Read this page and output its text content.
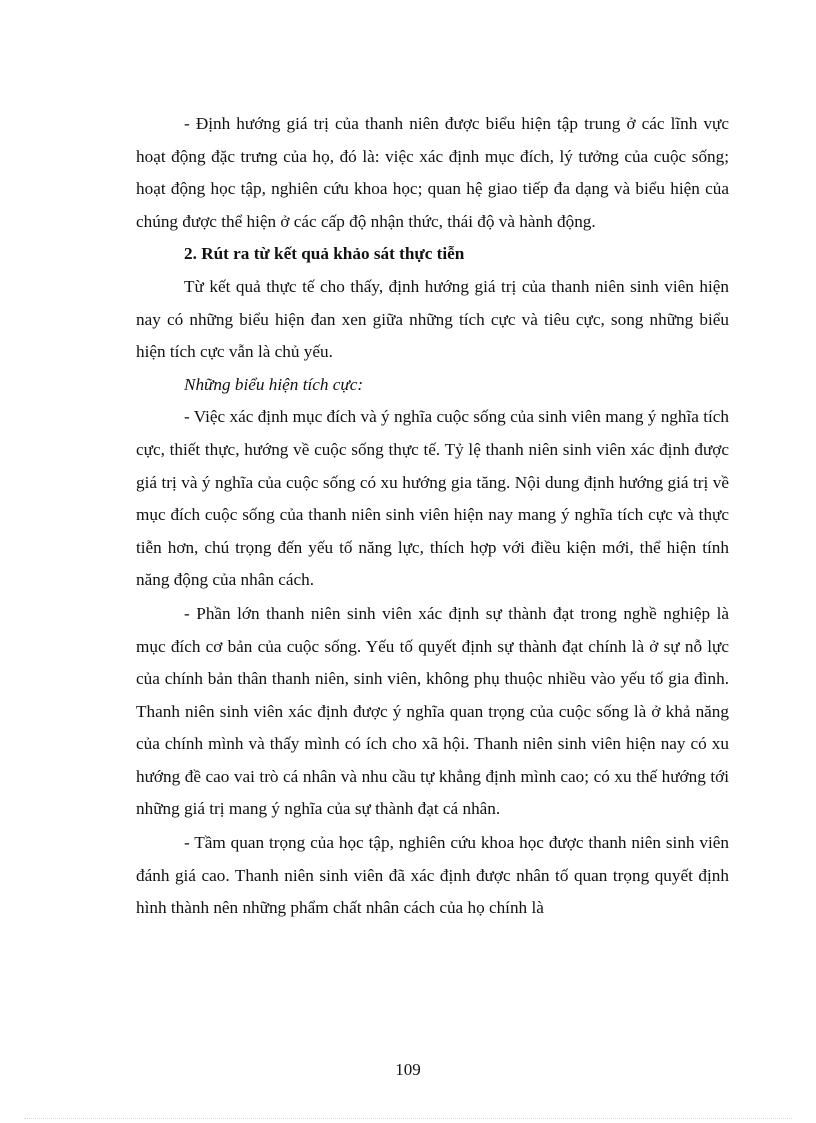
- Định hướng giá trị của thanh niên được biểu hiện tập trung ở các lĩnh vực hoạt động đặc trưng của họ, đó là: việc xác định mục đích, lý tưởng của cuộc sống; hoạt động học tập, nghiên cứu khoa học; quan hệ giao tiếp đa dạng và biểu hiện của chúng được thể hiện ở các cấp độ nhận thức, thái độ và hành động.

2. Rút ra từ kết quả khảo sát thực tiễn

Từ kết quả thực tế cho thấy, định hướng giá trị của thanh niên sinh viên hiện nay có những biểu hiện đan xen giữa những tích cực và tiêu cực, song những biểu hiện tích cực vẫn là chủ yếu.

Những biểu hiện tích cực:

- Việc xác định mục đích và ý nghĩa cuộc sống của sinh viên mang ý nghĩa tích cực, thiết thực, hướng về cuộc sống thực tế. Tỷ lệ thanh niên sinh viên xác định được giá trị và ý nghĩa của cuộc sống có xu hướng gia tăng. Nội dung định hướng giá trị về mục đích cuộc sống của thanh niên sinh viên hiện nay mang ý nghĩa tích cực và thực tiễn hơn, chú trọng đến yếu tố năng lực, thích hợp với điều kiện mới, thể hiện tính năng động của nhân cách.

- Phần lớn thanh niên sinh viên xác định sự thành đạt trong nghề nghiệp là mục đích cơ bản của cuộc sống. Yếu tố quyết định sự thành đạt chính là ở sự nỗ lực của chính bản thân thanh niên, sinh viên, không phụ thuộc nhiều vào yếu tố gia đình. Thanh niên sinh viên xác định được ý nghĩa quan trọng của cuộc sống là ở khả năng của chính mình và thấy mình có ích cho xã hội. Thanh niên sinh viên hiện nay có xu hướng đề cao vai trò cá nhân và nhu cầu tự khẳng định mình cao; có xu thế hướng tới những giá trị mang ý nghĩa của sự thành đạt cá nhân.

- Tầm quan trọng của học tập, nghiên cứu khoa học được thanh niên sinh viên đánh giá cao. Thanh niên sinh viên đã xác định được nhân tố quan trọng quyết định hình thành nên những phẩm chất nhân cách của họ chính là

109
